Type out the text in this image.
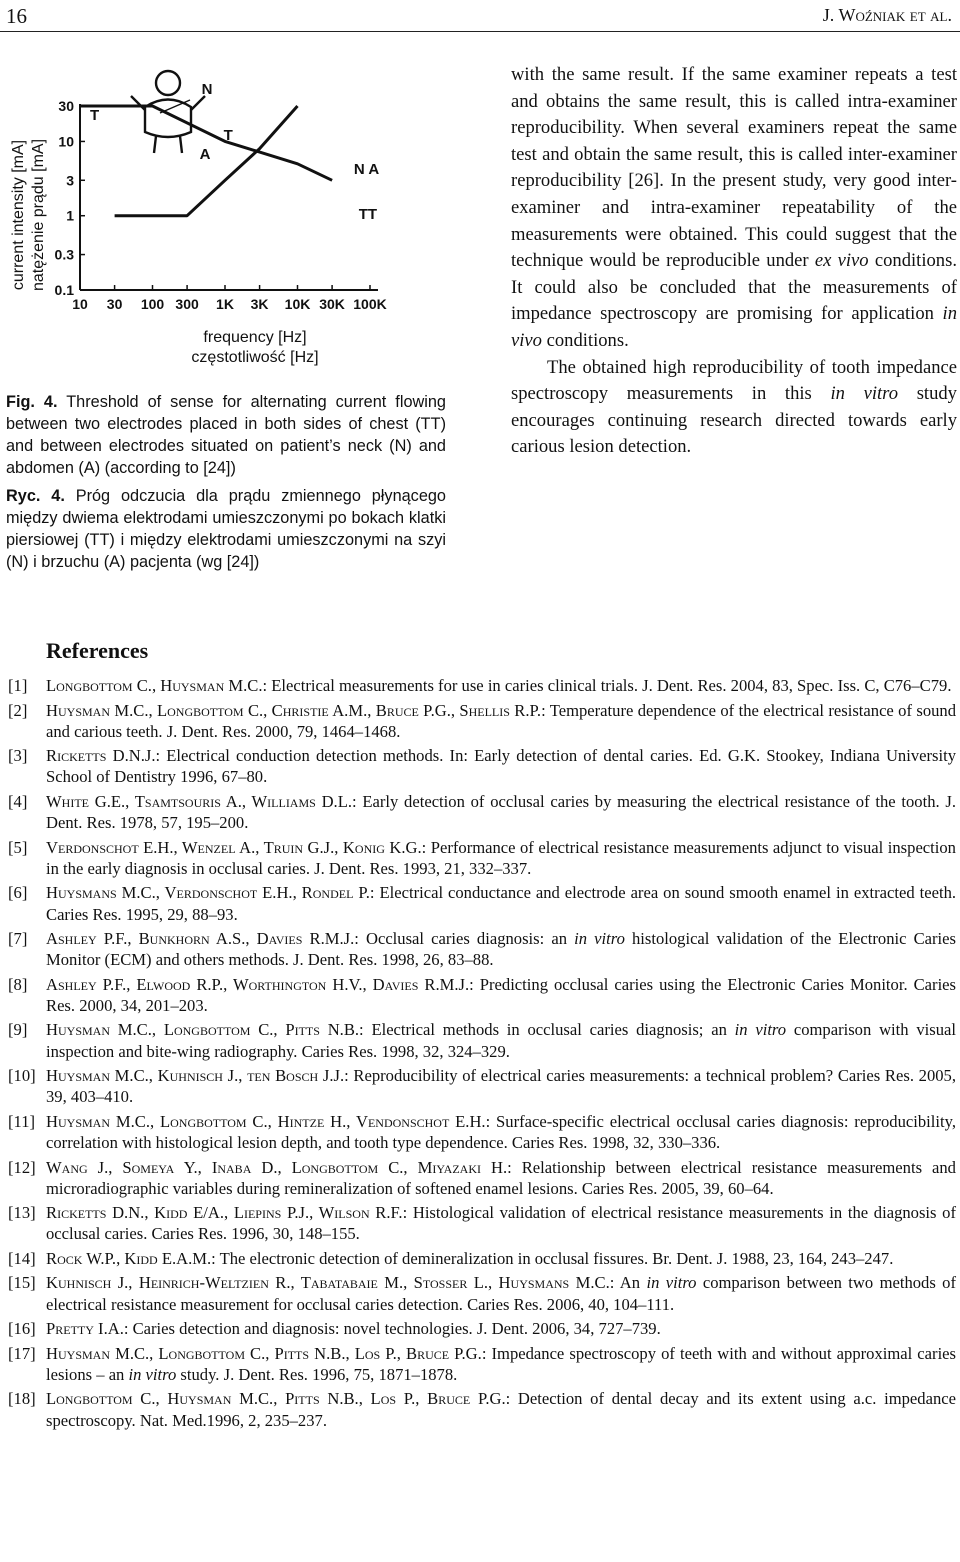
16	J. Woźniak et al.
current intensity [mA] natężenie prądu [mA]
10 30 100 300 1K 3K 10K 30K 100K
30
10
3
1
0.3
0.1
N
T
A
T
N A
TT
frequency [Hz]
częstotliwość [Hz]
Fig. 4. Threshold of sense for alternating current flowing between two electrodes placed in both sides of chest (TT) and between electrodes situated on patient’s neck (N) and abdomen (A) (according to [24])
Ryc. 4. Próg odczucia dla prądu zmiennego płynącego między dwiema elektrodami umieszczonymi po bokach klatki piersiowej (TT) i między elektrodami umieszczonymi na szyi (N) i brzuchu (A) pacjenta (wg [24])

with the same result. If the same examiner repeats a test and obtains the same result, this is called intra-examiner reproducibility. When several examiners repeat the same test and obtain the same result, this is called inter-examiner reproducibility [26]. In the present study, very good inter-examiner and intra-examiner repeatability of the measurements were obtained. This could suggest that the technique would be reproducible under ex vivo conditions. It could also be concluded that the measurements of impedance spectroscopy are promising for application in vivo conditions.

The obtained high reproducibility of tooth impedance spectroscopy measurements in this in vitro study encourages continuing research directed towards early carious lesion detection.

References
[1]	Longbottom C., Huysman M.C.: Electrical measurements for use in caries clinical trials. J. Dent. Res. 2004, 83, Spec. Iss. C, C76–C79.
[2]	Huysman M.C., Longbottom C., Christie A.M., Bruce P.G., Shellis R.P.: Temperature dependence of the electrical resistance of sound and carious teeth. J. Dent. Res. 2000, 79, 1464–1468.
[3]	Ricketts D.N.J.: Electrical conduction detection methods. In: Early detection of dental caries. Ed. G.K. Stookey, Indiana University School of Dentistry 1996, 67–80.
[4]	White G.E., Tsamtsouris A., Williams D.L.: Early detection of occlusal caries by measuring the electrical resistance of the tooth. J. Dent. Res. 1978, 57, 195–200.
[5]	Verdonschot E.H., Wenzel A., Truin G.J., Konig K.G.: Performance of electrical resistance measurements adjunct to visual inspection in the early diagnosis in occlusal caries. J. Dent. Res. 1993, 21, 332–337.
[6]	Huysmans M.C., Verdonschot E.H., Rondel P.: Electrical conductance and electrode area on sound smooth enamel in extracted teeth. Caries Res. 1995, 29, 88–93.
[7]	Ashley P.F., Bunkhorn A.S., Davies R.M.J.: Occlusal caries diagnosis: an in vitro histological validation of the Electronic Caries Monitor (ECM) and others methods. J. Dent. Res. 1998, 26, 83–88.
[8]	Ashley P.F., Elwood R.P., Worthington H.V., Davies R.M.J.: Predicting occlusal caries using the Electronic Caries Monitor. Caries Res. 2000, 34, 201–203.
[9]	Huysman M.C., Longbottom C., Pitts N.B.: Electrical methods in occlusal caries diagnosis; an in vitro comparison with visual inspection and bite-wing radiography. Caries Res. 1998, 32, 324–329.
[10] Huysman M.C., Kuhnisch J., ten Bosch J.J.: Reproducibility of electrical caries measurements: a technical problem? Caries Res. 2005, 39, 403–410.
[11] Huysman M.C., Longbottom C., Hintze H., Vendonschot E.H.: Surface-specific electrical occlusal caries diagnosis: reproducibility, correlation with histological lesion depth, and tooth type dependence. Caries Res. 1998, 32, 330–336.
[12] Wang J., Someya Y., Inaba D., Longbottom C., Miyazaki H.: Relationship between electrical resistance measurements and microradiographic variables during remineralization of softened enamel lesions. Caries Res. 2005, 39, 60–64.
[13] Ricketts D.N., Kidd E/A., Liepins P.J., Wilson R.F.: Histological validation of electrical resistance measurements in the diagnosis of occlusal caries. Caries Res. 1996, 30, 148–155.
[14] Rock W.P., Kidd E.A.M.: The electronic detection of demineralization in occlusal fissures. Br. Dent. J. 1988, 23, 164, 243–247.
[15] Kuhnisch J., Heinrich-Weltzien R., Tabatabaie M., Stosser L., Huysmans M.C.: An in vitro comparison between two methods of electrical resistance measurement for occlusal caries detection. Caries Res. 2006, 40, 104–111.
[16] Pretty I.A.: Caries detection and diagnosis: novel technologies. J. Dent. 2006, 34, 727–739.
[17] Huysman M.C., Longbottom C., Pitts N.B., Los P., Bruce P.G.: Impedance spectroscopy of teeth with and without approximal caries lesions – an in vitro study. J. Dent. Res. 1996, 75, 1871–1878.
[18] Longbottom C., Huysman M.C., Pitts N.B., Los P., Bruce P.G.: Detection of dental decay and its extent using a.c. impedance spectroscopy. Nat. Med.1996, 2, 235–237.
